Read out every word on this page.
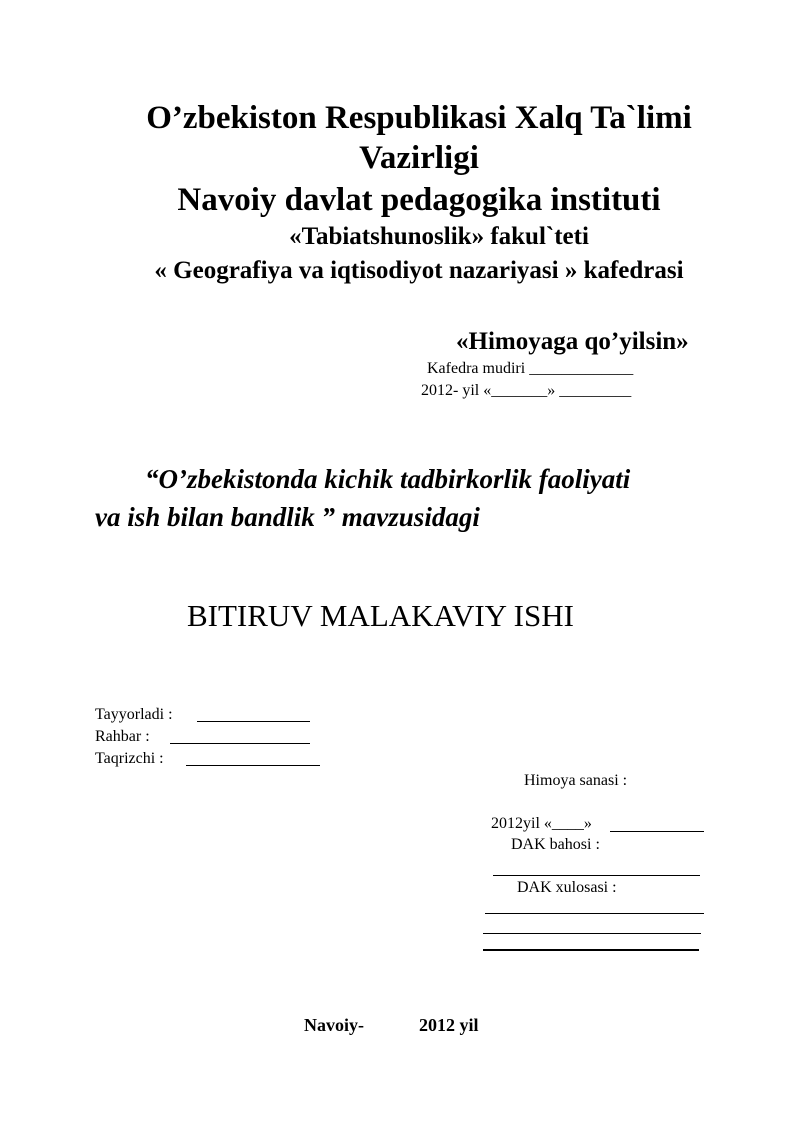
O’zbekiston Respublikasi Xalq Ta`limi
Vazirligi
Navoiy davlat pedagogika instituti
«Tabiatshunoslik» fakul`teti
« Geografiya va iqtisodiyot nazariyasi » kafedrasi
«Himoyaga qo’yilsin»
Kafedra mudiri _____________
2012- yil «_______» _________
“O’zbekistonda kichik tadbirkorlik faoliyati
va ish bilan bandlik ” mavzusidagi
BITIRUV MALAKAVIY ISHI
Tayyorladi :
Rahbar :
Taqrizchi :
Himoya sanasi :
2012yil «____»
DAK bahosi :
DAK xulosasi :
Navoiy-	2012 yil
